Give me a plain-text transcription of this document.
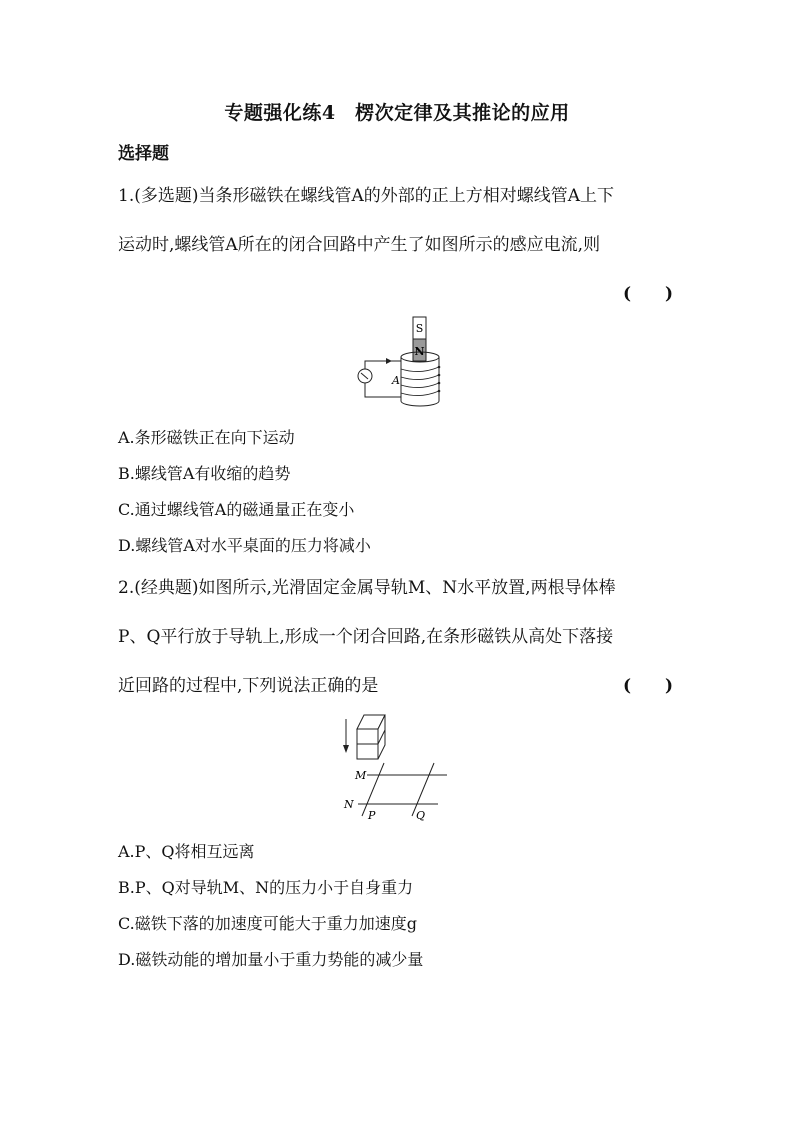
专题强化练4　楞次定律及其推论的应用
选择题
1.(多选题)当条形磁铁在螺线管A的外部的正上方相对螺线管A上下
运动时,螺线管A所在的闭合回路中产生了如图所示的感应电流,则
(　　)
S
N
A
A.条形磁铁正在向下运动
B.螺线管A有收缩的趋势
C.通过螺线管A的磁通量正在变小
D.螺线管A对水平桌面的压力将减小
2.(经典题)如图所示,光滑固定金属导轨M、N水平放置,两根导体棒
P、Q平行放于导轨上,形成一个闭合回路,在条形磁铁从高处下落接
近回路的过程中,下列说法正确的是	(　　)
M
N
P	Q
A.P、Q将相互远离
B.P、Q对导轨M、N的压力小于自身重力
C.磁铁下落的加速度可能大于重力加速度g
D.磁铁动能的增加量小于重力势能的减少量
